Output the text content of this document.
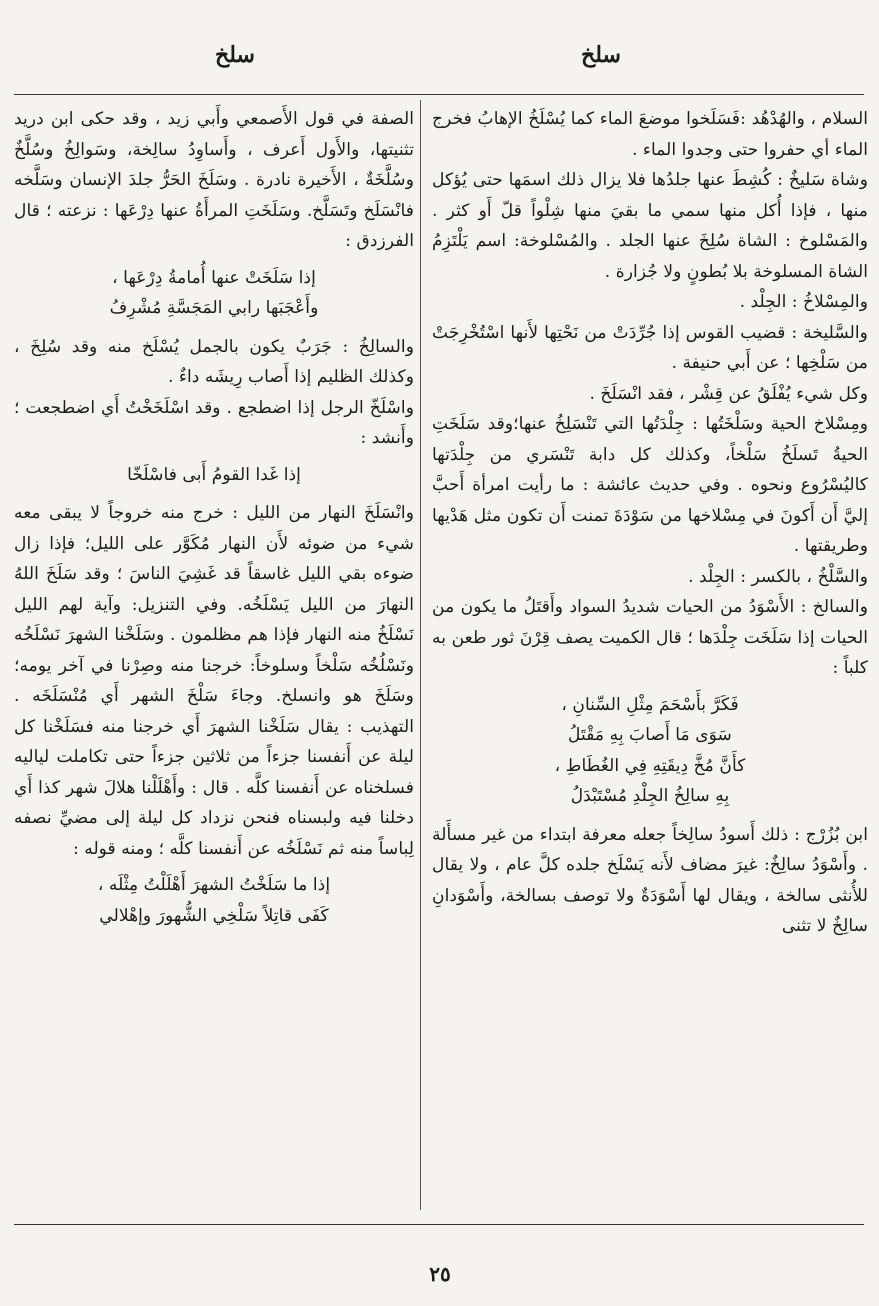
سلخ
سلخ

السلام ، والهُدْهُد :فَسَلَخوا موضعَ الماء كما يُسْلَخُ الإهابُ فخرج الماء أي حفروا حتى وجدوا الماء .

وشاة سَليخٌ : كُشِطَ عنها جلدُها فلا يزال ذلك اسمَها حتى يُؤكل منها ، فإذا أُكل منها سمي ما بقيَ منها شِلْواً قلّ أَو كثر . والمَسْلوخ : الشاة سُلِخَ عنها الجلد . والمُسْلوخة: اسم يَلْتَزِمُ الشاة المسلوخة بلا بُطونٍ ولا جُزارة .

والمِسْلاخُ : الجِلْد .

والسَّليخة : قضيب القوس إذا جُرِّدَتْ من نَحْتِها لأَنها اسْتُخْرِجَتْ من سَلْخِها ؛ عن أَبي حنيفة .

وكل شيء يُفْلَقُ عن قِشْر ، فقد انْسَلَخَ .

ومِسْلاخ الحية وسَلْخَتُها : جِلْدَتُها التي تَنْسَلِخُ عنها؛وقد سَلَخَتِ الحيةُ تَسلَخُ سَلْخاً، وكذلك كل دابة تَنْسَري من جِلْدَتها كاليُسْرُوع ونحوه . وفي حديث عائشة : ما رأيت امرأة أَحبَّ إليَّ أَن أَكونَ في مِسْلاخها من سَوْدَةَ تمنت أَن تكون مثل هَدْيها وطريقتها .

والسَّلْخُ ، بالكسر : الجِلْد .

والسالخ : الأَسْوَدُ من الحيات شديدُ السواد وأَقتَلُ ما يكون من الحيات إذا سَلَخَت جِلْدَها ؛ قال الكميت يصف قِرْنَ ثور طعن به كلباً :

فَكَرَّ بأَسْحَمَ مِثْلِ السِّنانِ ،

سَوَى مَا أَصابَ بِهِ مَقْتَلُ

كأَنَّ مُخَّ دِيقَتِهِ فِي الغُطَاطِ ،

بِهِ سالِخُ الجِلْدِ مُسْتَبْدَلُ

ابن بُزُرْج : ذلك أَسودُ سالِخاً جعله معرفة ابتداء من غير مسأَلة . وأَسْوَدُ سالِخٌ: غيرَ مضاف لأَنه يَسْلَخ جلده كلَّ عام ، ولا يقال للأُنثى سالخة ، ويقال لها أَسْوَدَةٌ ولا توصف بسالخة، وأَسْوَدانِ سالِخٌ لا تثنى

الصفة في قول الأَصمعي وأَبي زيد ، وقد حكى ابن دريد تثنيتها، والأَول أَعرف ، وأَساوِدُ سالِخة، وسَوالِخُ وسُلَّخٌ وسُلَّخَةٌ ، الأَخيرة نادرة . وسَلَخَ الحَرُّ جلدَ الإنسان وسَلَّخه فانْسَلَخ وتَسَلَّخ. وسَلَخَتِ المرأَةُ عنها دِرْعَها : نزعته ؛ قال الفرزدق :

إذا سَلَخَتْ عنها أُمامةُ دِرْعَها ،

وأَعْجَبَها رابي المَجَسَّةِ مُشْرِفُ

والسالِخُ : جَرَبٌ يكون بالجمل يُسْلَخ منه وقد سُلِخَ ، وكذلك الظليم إذا أَصاب رِيشَه داءٌ .

واسْلَخّ الرجل إذا اضطجع . وقد اسْلَخَخْتُ أَي اضطجعت ؛ وأَنشد :

إذا غَدا القومُ أَبى فاسْلَخّا

وانْسَلَخَ النهار من الليل : خرج منه خروجاً لا يبقى معه شيء من ضوئه لأَن النهار مُكَوَّر على الليل؛ فإذا زال ضوءه بقي الليل غاسقاً قد غَشِيَ الناسَ ؛ وقد سَلَخَ اللهُ النهارَ من الليل يَسْلَخُه. وفي التنزيل: وآية لهم الليل نَسْلَخُ منه النهار فإذا هم مظلمون . وسَلَخْنا الشهرَ نَسْلَخُه ونَسْلُخُه سَلْخاً وسلوخاً: خرجنا منه وصِرْنا في آخر يومه؛وسَلَخَ هو وانسلخ. وجاءَ سَلْخَ الشهر أَي مُنْسَلَخَه . التهذيب : يقال سَلَخْنا الشهرَ أَي خرجنا منه فسَلَخْنا كل ليلة عن أَنفسنا جزءاً من ثلاثين جزءاً حتى تكاملت لياليه فسلخناه عن أَنفسنا كلَّه . قال : وأَهْلَلْنا هلالَ شهر كذا أَي دخلنا فيه ولبسناه فنحن نزداد كل ليلة إلى مضيِّ نصفه لِباساً منه ثم نَسْلَخُه عن أَنفسنا كلَّه ؛ ومنه قوله :

إذا ما سَلَخْتُ الشهرَ أَهْلَلْتُ مِثْلَه ،

كَفَى قاتِلاً سَلْخِي الشُّهورَ وإهْلالي

٢٥
